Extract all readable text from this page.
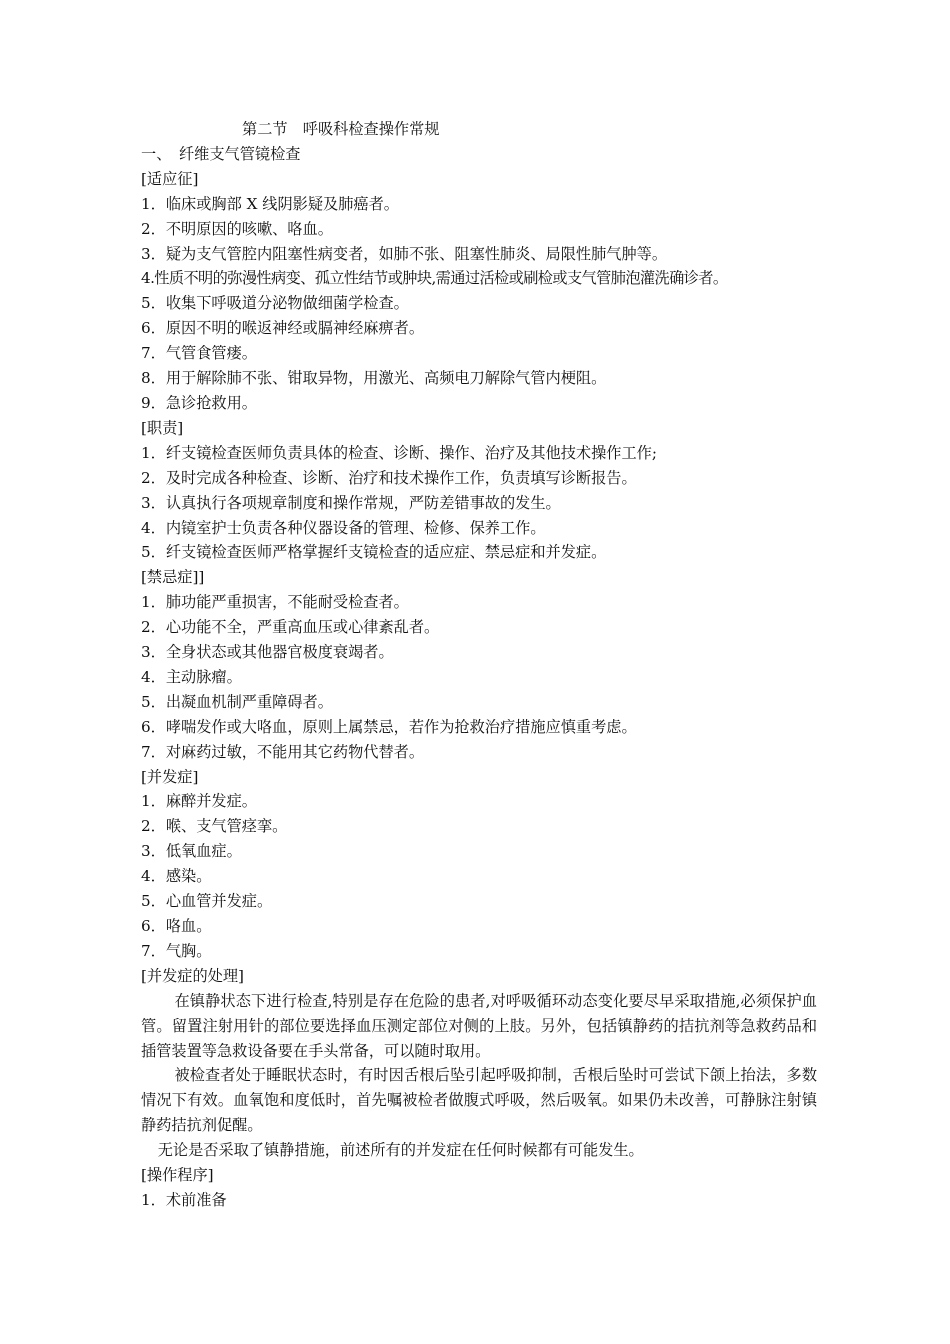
第二节　呼吸科检查操作常规
一、　纤维支气管镜检查
[适应征]
1．临床或胸部 X 线阴影疑及肺癌者。
2．不明原因的咳嗽、咯血。
3．疑为支气管腔内阻塞性病变者，如肺不张、阻塞性肺炎、局限性肺气肿等。
4.性质不明的弥漫性病变、孤立性结节或肿块,需通过活检或刷检或支气管肺泡灌洗确诊者。
5．收集下呼吸道分泌物做细菌学检查。
6．原因不明的喉返神经或膈神经麻痹者。
7．气管食管瘘。
8．用于解除肺不张、钳取异物，用激光、高频电刀解除气管内梗阻。
9．急诊抢救用。
[职责]
1．纤支镜检查医师负责具体的检查、诊断、操作、治疗及其他技术操作工作;
2．及时完成各种检查、诊断、治疗和技术操作工作，负责填写诊断报告。
3．认真执行各项规章制度和操作常规，严防差错事故的发生。
4．内镜室护士负责各种仪器设备的管理、检修、保养工作。
5．纤支镜检查医师严格掌握纤支镜检查的适应症、禁忌症和并发症。
[禁忌症]]
1．肺功能严重损害，不能耐受检查者。
2．心功能不全，严重高血压或心律紊乱者。
3．全身状态或其他器官极度衰竭者。
4．主动脉瘤。
5．出凝血机制严重障碍者。
6．哮喘发作或大咯血，原则上属禁忌，若作为抢救治疗措施应慎重考虑。
7．对麻药过敏，不能用其它药物代替者。
[并发症]
1．麻醉并发症。
2．喉、支气管痉挛。
3．低氧血症。
4．感染。
5．心血管并发症。
6．咯血。
7．气胸。
[并发症的处理]
在镇静状态下进行检查,特别是存在危险的患者,对呼吸循环动态变化要尽早采取措施,必须保护血管。留置注射用针的部位要选择血压测定部位对侧的上肢。另外，包括镇静药的拮抗剂等急救药品和插管装置等急救设备要在手头常备，可以随时取用。
被检查者处于睡眠状态时，有时因舌根后坠引起呼吸抑制，舌根后坠时可尝试下颌上抬法，多数情况下有效。血氧饱和度低时，首先嘱被检者做腹式呼吸，然后吸氧。如果仍未改善，可静脉注射镇静药拮抗剂促醒。
无论是否采取了镇静措施，前述所有的并发症在任何时候都有可能发生。
[操作程序]
1．术前准备
